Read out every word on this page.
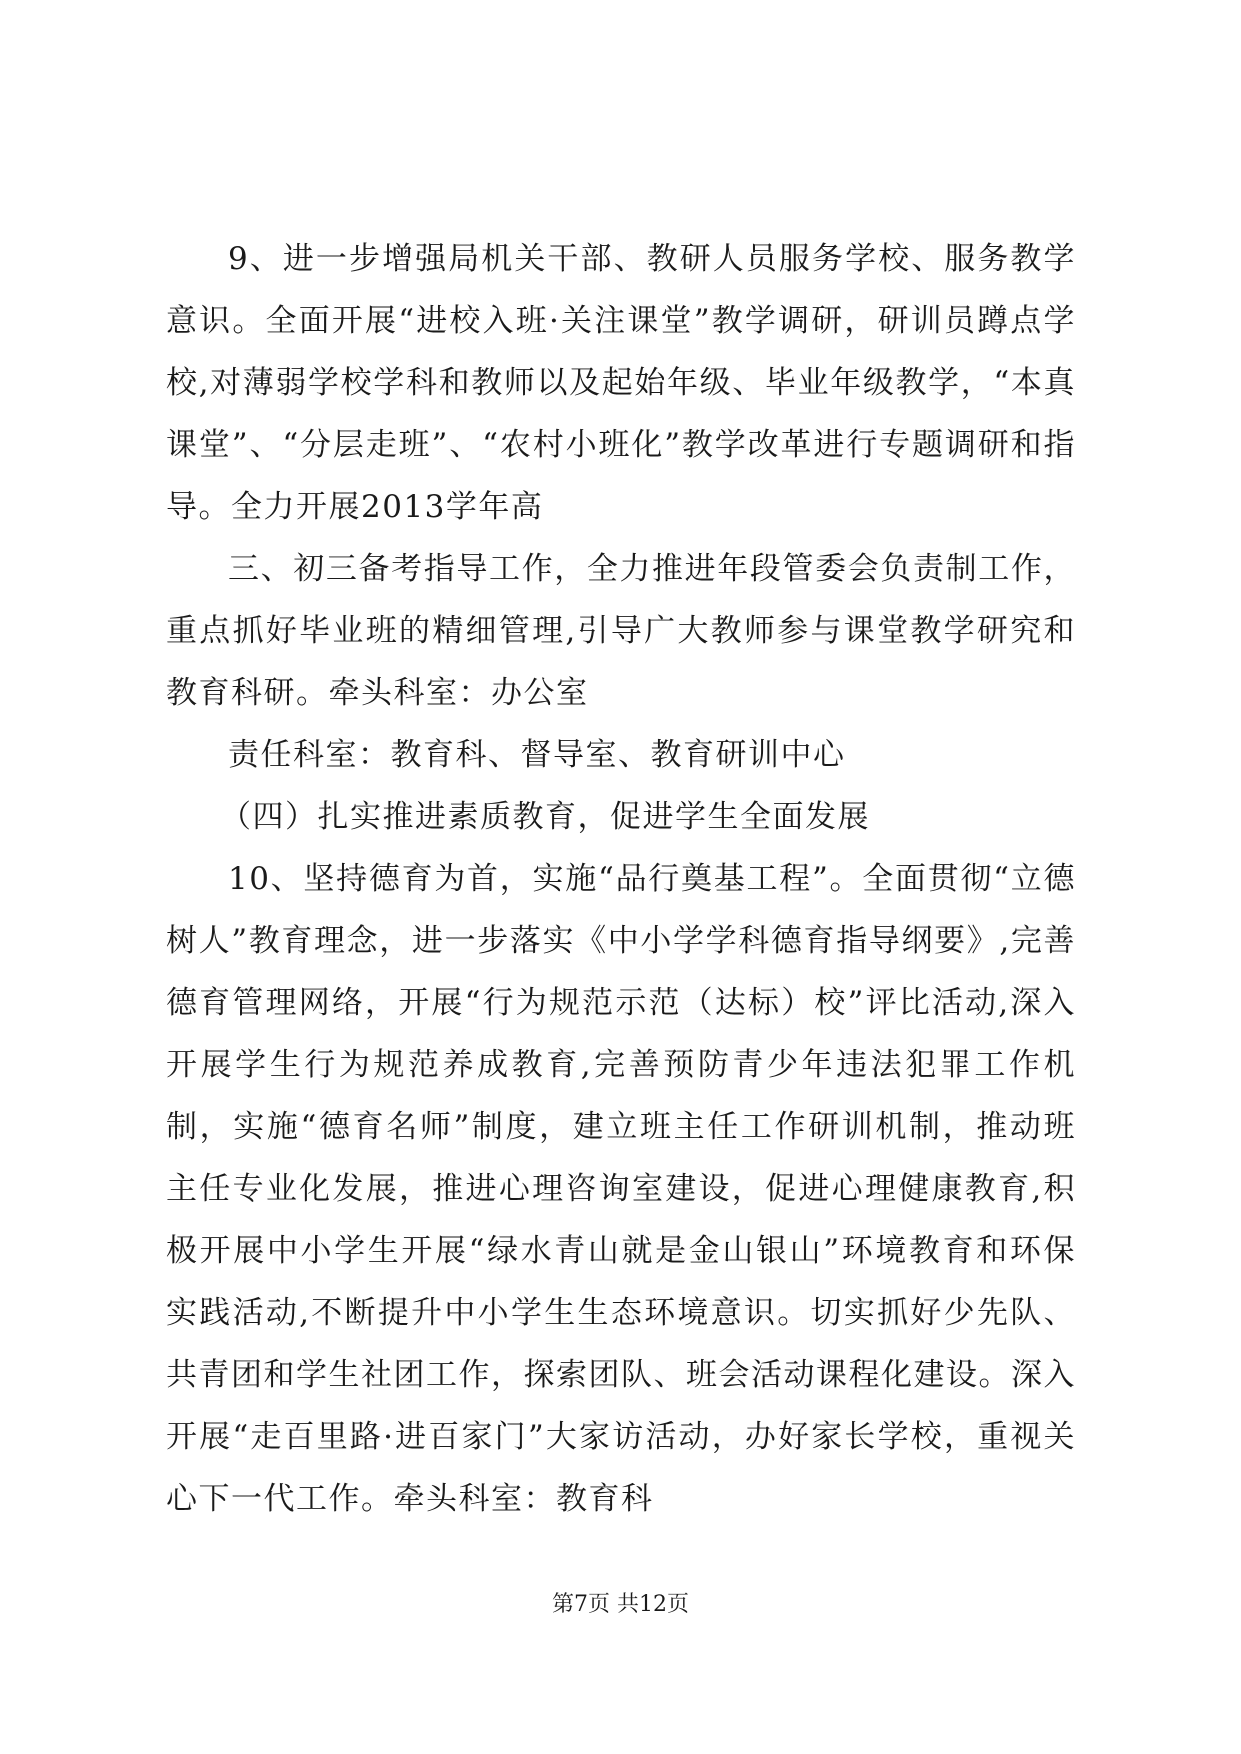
9、进一步增强局机关干部、教研人员服务学校、服务教学意识。全面开展“进校入班·关注课堂”教学调研，研训员蹲点学校,对薄弱学校学科和教师以及起始年级、毕业年级教学，“本真课堂”、“分层走班”、“农村小班化”教学改革进行专题调研和指导。全力开展2013学年高

三、初三备考指导工作，全力推进年段管委会负责制工作，重点抓好毕业班的精细管理,引导广大教师参与课堂教学研究和教育科研。牵头科室：办公室

责任科室：教育科、督导室、教育研训中心

（四）扎实推进素质教育，促进学生全面发展

10、坚持德育为首，实施“品行奠基工程”。全面贯彻“立德树人”教育理念，进一步落实《中小学学科德育指导纲要》,完善德育管理网络，开展“行为规范示范（达标）校”评比活动,深入开展学生行为规范养成教育,完善预防青少年违法犯罪工作机制，实施“德育名师”制度，建立班主任工作研训机制，推动班主任专业化发展，推进心理咨询室建设，促进心理健康教育,积极开展中小学生开展“绿水青山就是金山银山”环境教育和环保实践活动,不断提升中小学生生态环境意识。切实抓好少先队、共青团和学生社团工作，探索团队、班会活动课程化建设。深入开展“走百里路·进百家门”大家访活动，办好家长学校，重视关心下一代工作。牵头科室：教育科

第7页 共12页
